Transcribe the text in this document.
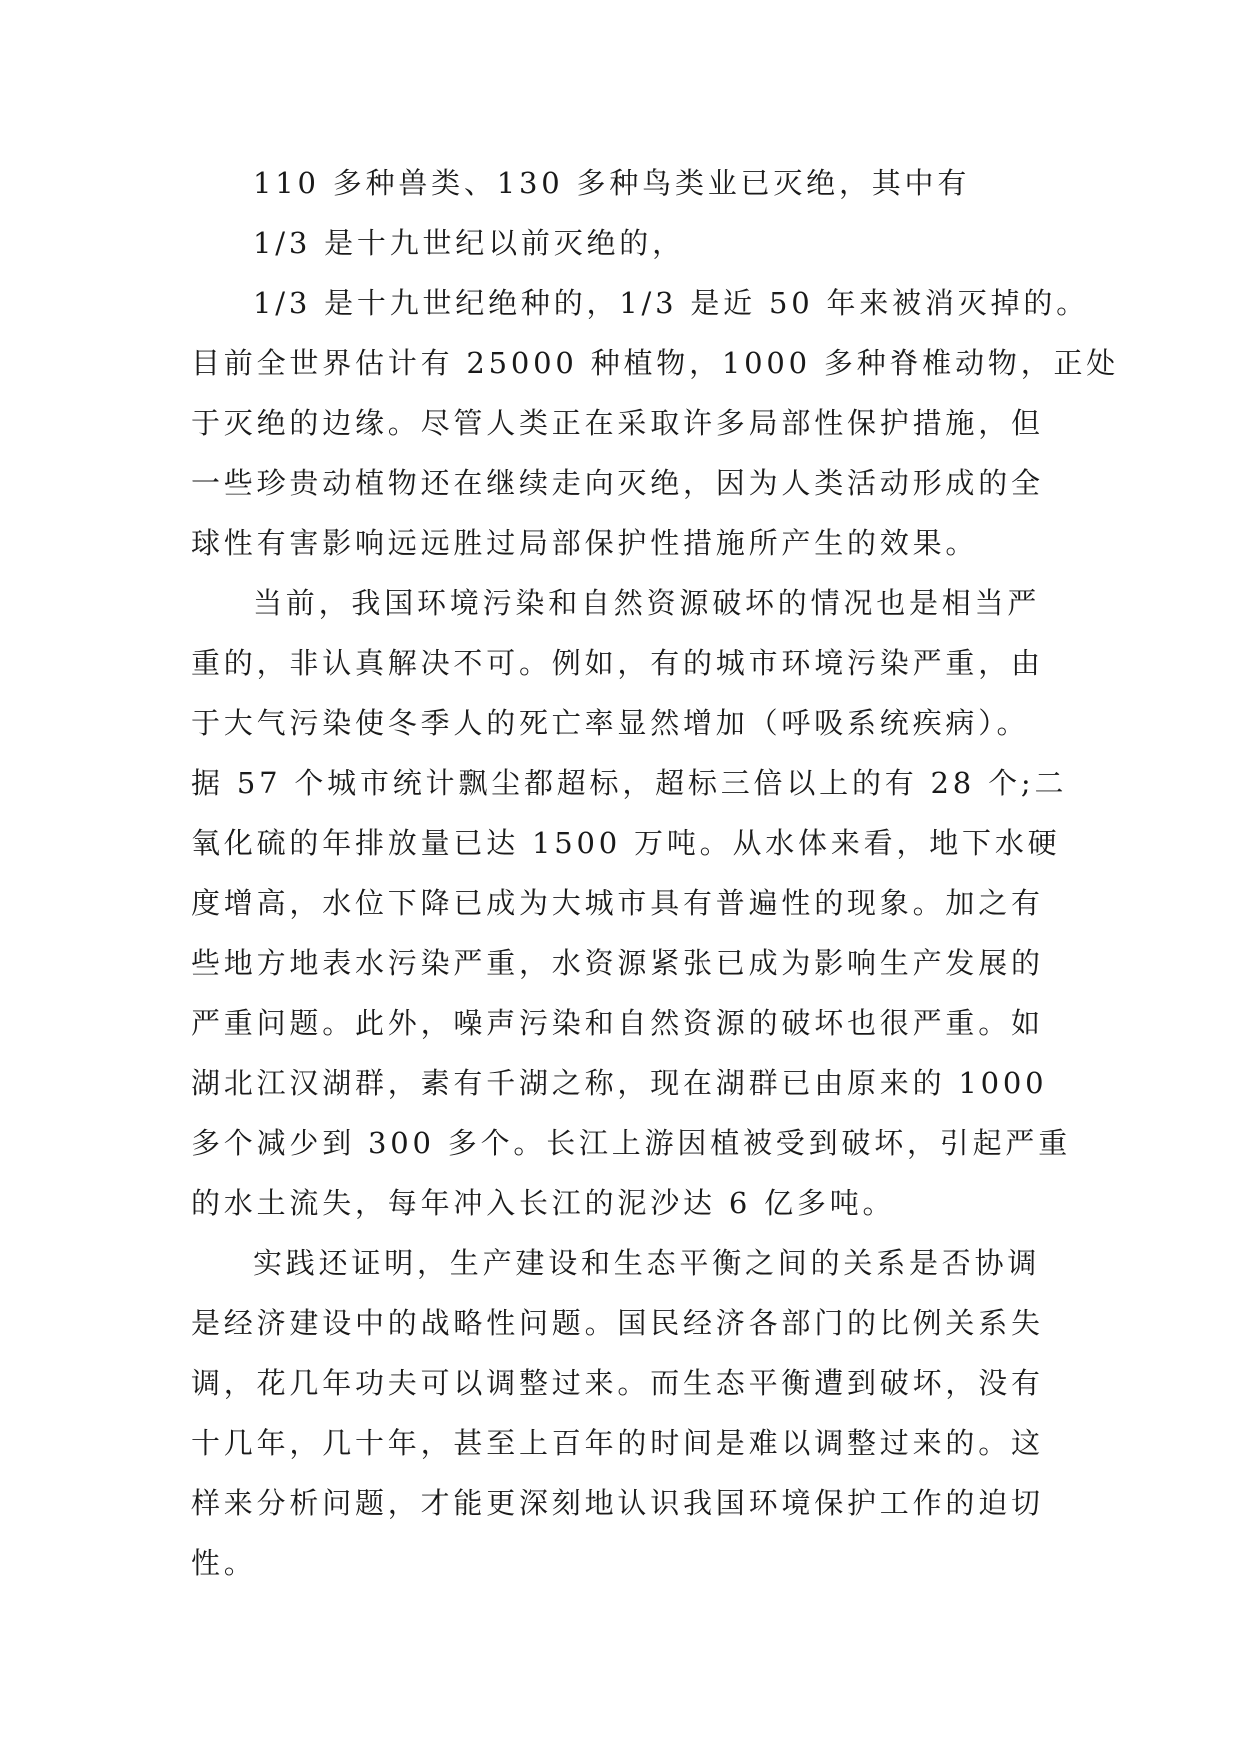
110 多种兽类、130 多种鸟类业已灭绝，其中有
1/3 是十九世纪以前灭绝的，
1/3 是十九世纪绝种的，1/3 是近 50 年来被消灭掉的。
目前全世界估计有 25000 种植物，1000 多种脊椎动物，正处
于灭绝的边缘。尽管人类正在采取许多局部性保护措施，但
一些珍贵动植物还在继续走向灭绝，因为人类活动形成的全
球性有害影响远远胜过局部保护性措施所产生的效果。
当前，我国环境污染和自然资源破坏的情况也是相当严
重的，非认真解决不可。例如，有的城市环境污染严重，由
于大气污染使冬季人的死亡率显然增加（呼吸系统疾病）。
据 57 个城市统计飘尘都超标，超标三倍以上的有 28 个;二
氧化硫的年排放量已达 1500 万吨。从水体来看，地下水硬
度增高，水位下降已成为大城市具有普遍性的现象。加之有
些地方地表水污染严重，水资源紧张已成为影响生产发展的
严重问题。此外，噪声污染和自然资源的破坏也很严重。如
湖北江汉湖群，素有千湖之称，现在湖群已由原来的 1000
多个减少到 300 多个。长江上游因植被受到破坏，引起严重
的水土流失，每年冲入长江的泥沙达 6 亿多吨。
实践还证明，生产建设和生态平衡之间的关系是否协调
是经济建设中的战略性问题。国民经济各部门的比例关系失
调，花几年功夫可以调整过来。而生态平衡遭到破坏，没有
十几年，几十年，甚至上百年的时间是难以调整过来的。这
样来分析问题，才能更深刻地认识我国环境保护工作的迫切
性。
